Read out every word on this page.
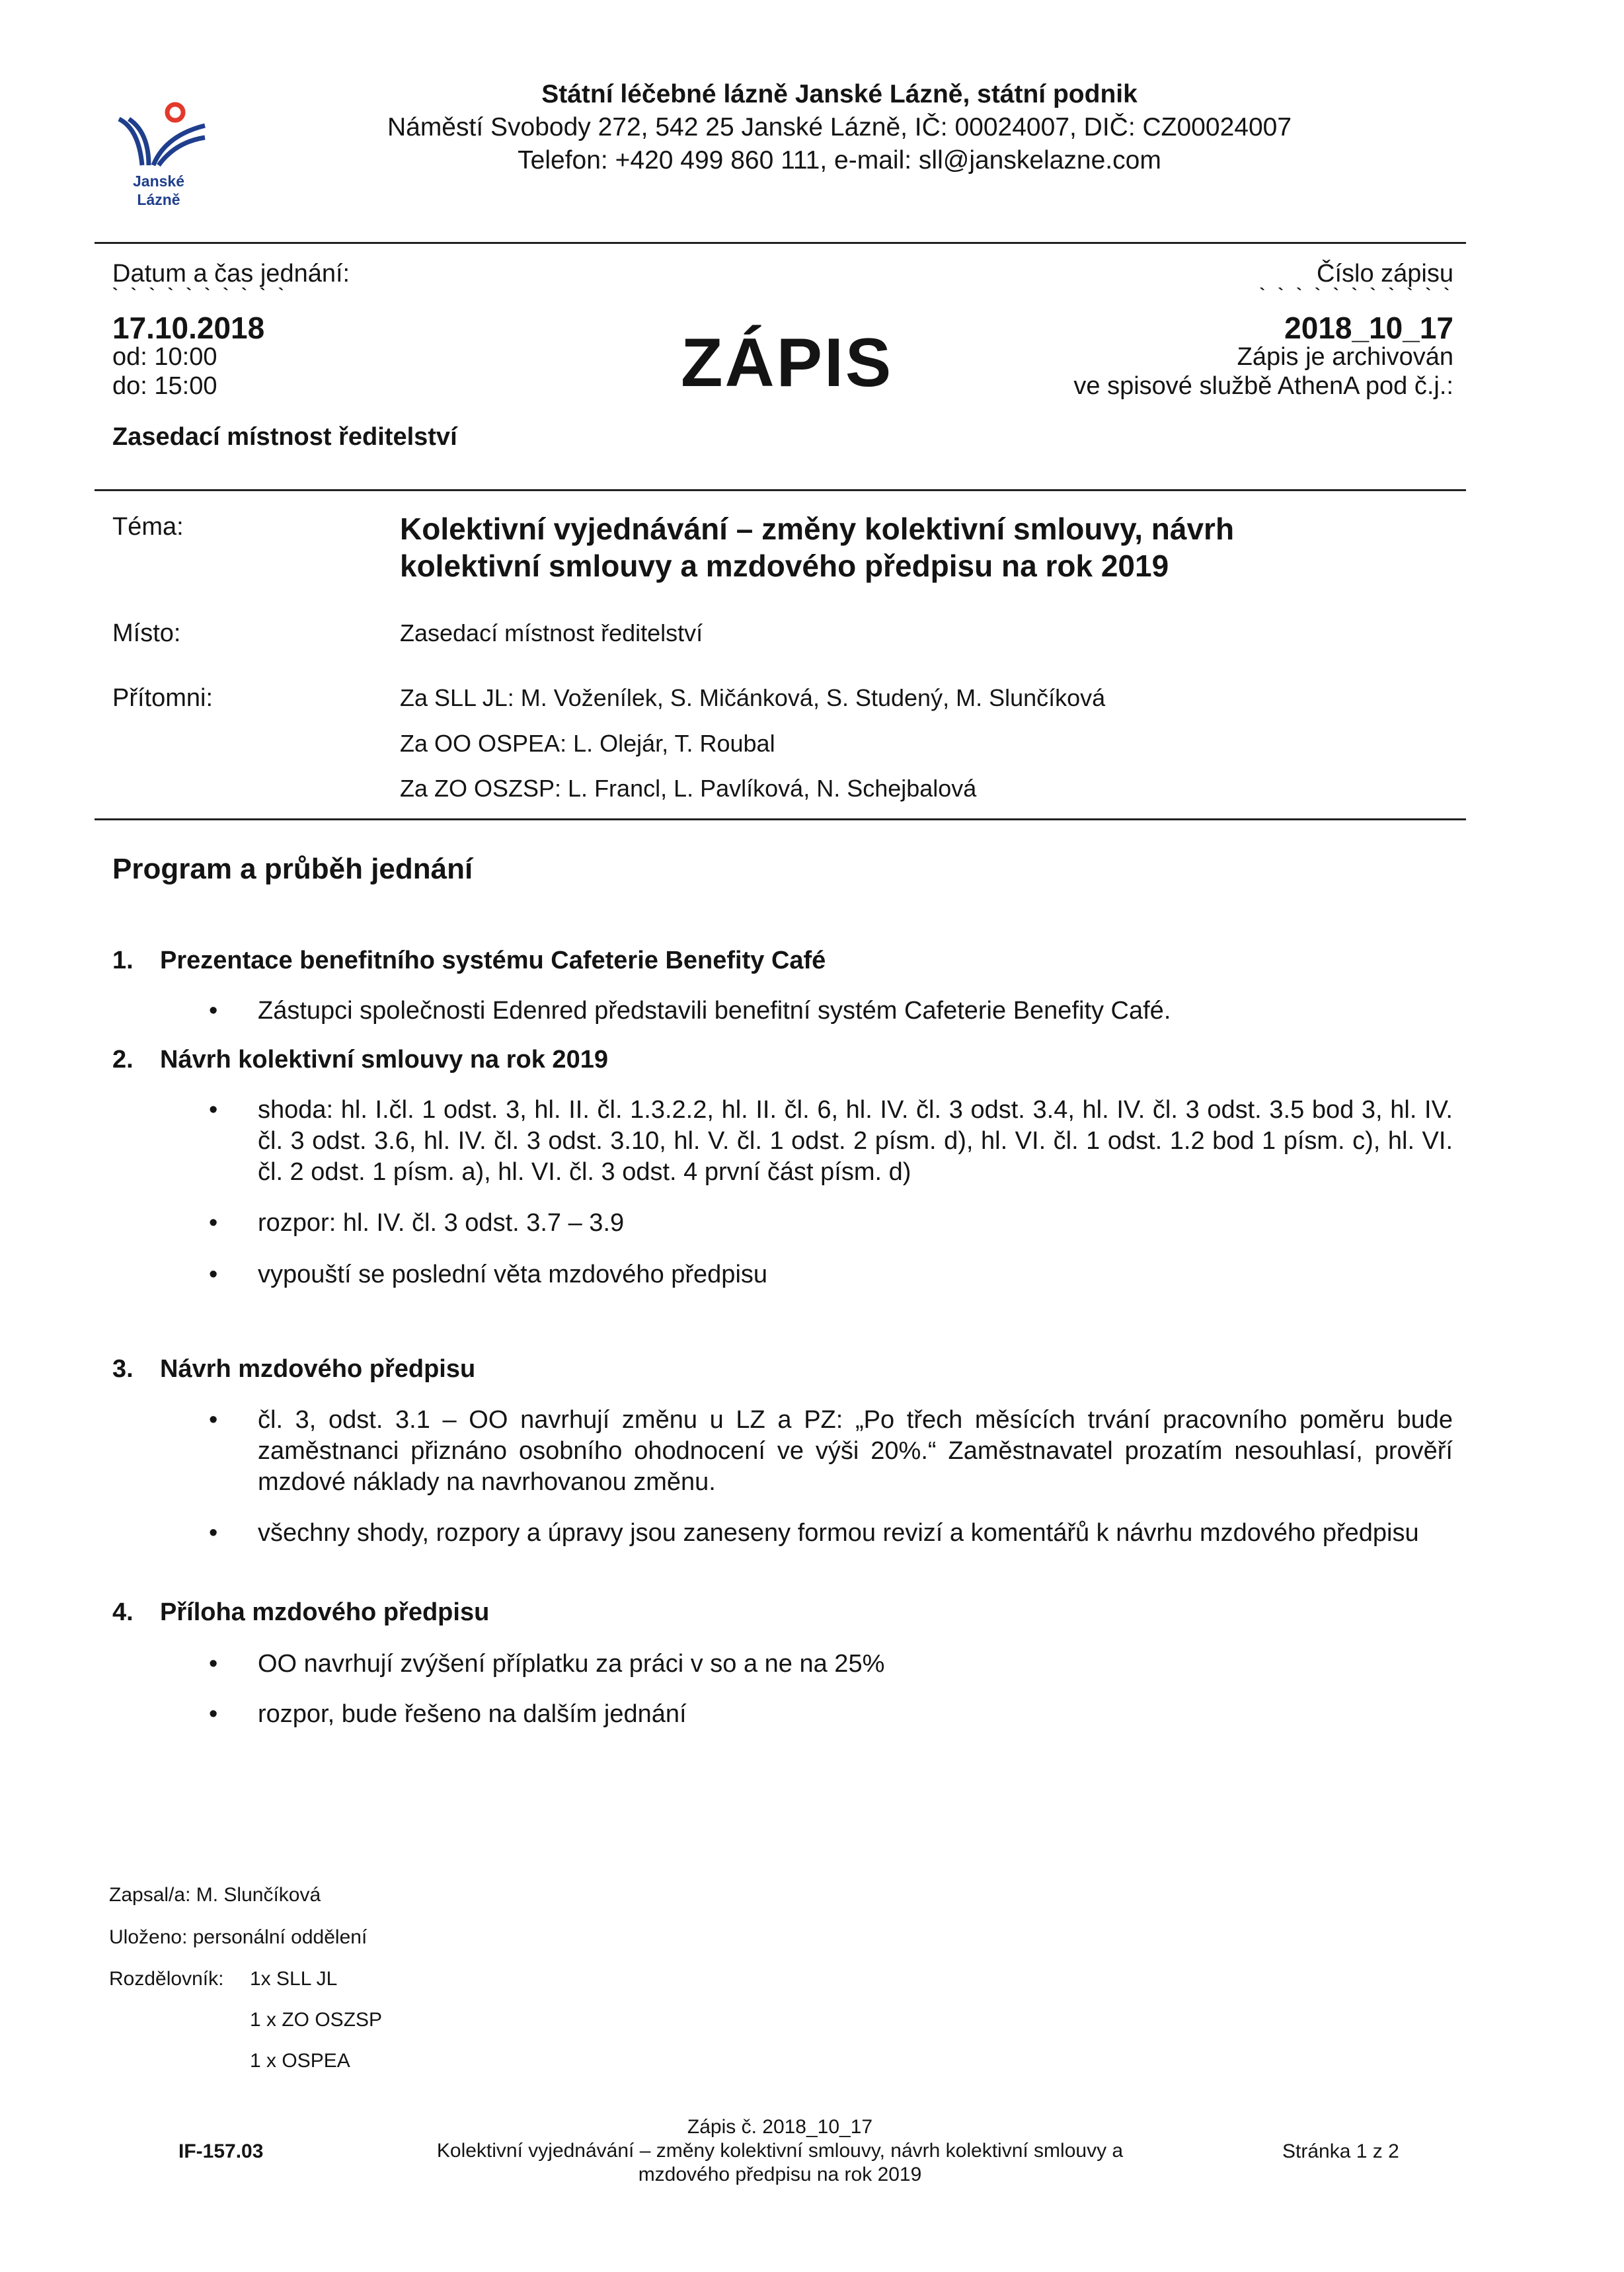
Janské Lázně
Státní léčebné lázně Janské Lázně, státní podnik
Náměstí Svobody 272, 542 25 Janské Lázně, IČ: 00024007, DIČ: CZ00024007
Telefon: +420 499 860 111, e-mail: sll@janskelazne.com
Datum a čas jednání:
` ` ` ` ` ` ` ` ` `
17.10.2018
od: 10:00
do: 15:00
Zasedací místnost ředitelství
ZÁPIS
Číslo zápisu
` ` ` ` ` ` ` ` ` ` `
2018_10_17
Zápis je archivován
ve spisové službě AthenA pod č.j.:
Téma:	Kolektivní vyjednávání – změny kolektivní smlouvy, návrh
kolektivní smlouvy a mzdového předpisu na rok 2019
Místo:	Zasedací místnost ředitelství
Přítomni:	Za SLL JL: M. Voženílek, S. Mičánková, S. Studený, M. Slunčíková
Za OO OSPEA: L. Olejár, T. Roubal
Za ZO OSZSP: L. Francl, L. Pavlíková, N. Schejbalová
Program a průběh jednání
1. Prezentace benefitního systému Cafeterie Benefity Café
• Zástupci společnosti Edenred představili benefitní systém Cafeterie Benefity Café.
2. Návrh kolektivní smlouvy na rok 2019
• shoda: hl. I.čl. 1 odst. 3, hl. II. čl. 1.3.2.2, hl. II. čl. 6, hl. IV. čl. 3 odst. 3.4, hl. IV. čl. 3 odst. 3.5 bod 3, hl. IV. čl. 3 odst. 3.6, hl. IV. čl. 3 odst. 3.10, hl. V. čl. 1 odst. 2 písm. d), hl. VI. čl. 1 odst. 1.2 bod 1 písm. c), hl. VI. čl. 2 odst. 1 písm. a), hl. VI. čl. 3 odst. 4 první část písm. d)
• rozpor: hl. IV. čl. 3 odst. 3.7 – 3.9
• vypouští se poslední věta mzdového předpisu
3. Návrh mzdového předpisu
• čl. 3, odst. 3.1 – OO navrhují změnu u LZ a PZ: „Po třech měsících trvání pracovního poměru bude zaměstnanci přiznáno osobního ohodnocení ve výši 20%.“ Zaměstnavatel prozatím nesouhlasí, prověří mzdové náklady na navrhovanou změnu.
• všechny shody, rozpory a úpravy jsou zaneseny formou revizí a komentářů k návrhu mzdového předpisu
4. Příloha mzdového předpisu
• OO navrhují zvýšení příplatku za práci v so a ne na 25%
• rozpor, bude řešeno na dalším jednání
Zapsal/a: M. Slunčíková
Uloženo: personální oddělení
Rozdělovník: 1x SLL JL
1 x ZO OSZSP
1 x OSPEA
IF-157.03
Zápis č. 2018_10_17
Kolektivní vyjednávání – změny kolektivní smlouvy, návrh kolektivní smlouvy a
mzdového předpisu na rok 2019
Stránka 1 z 2
